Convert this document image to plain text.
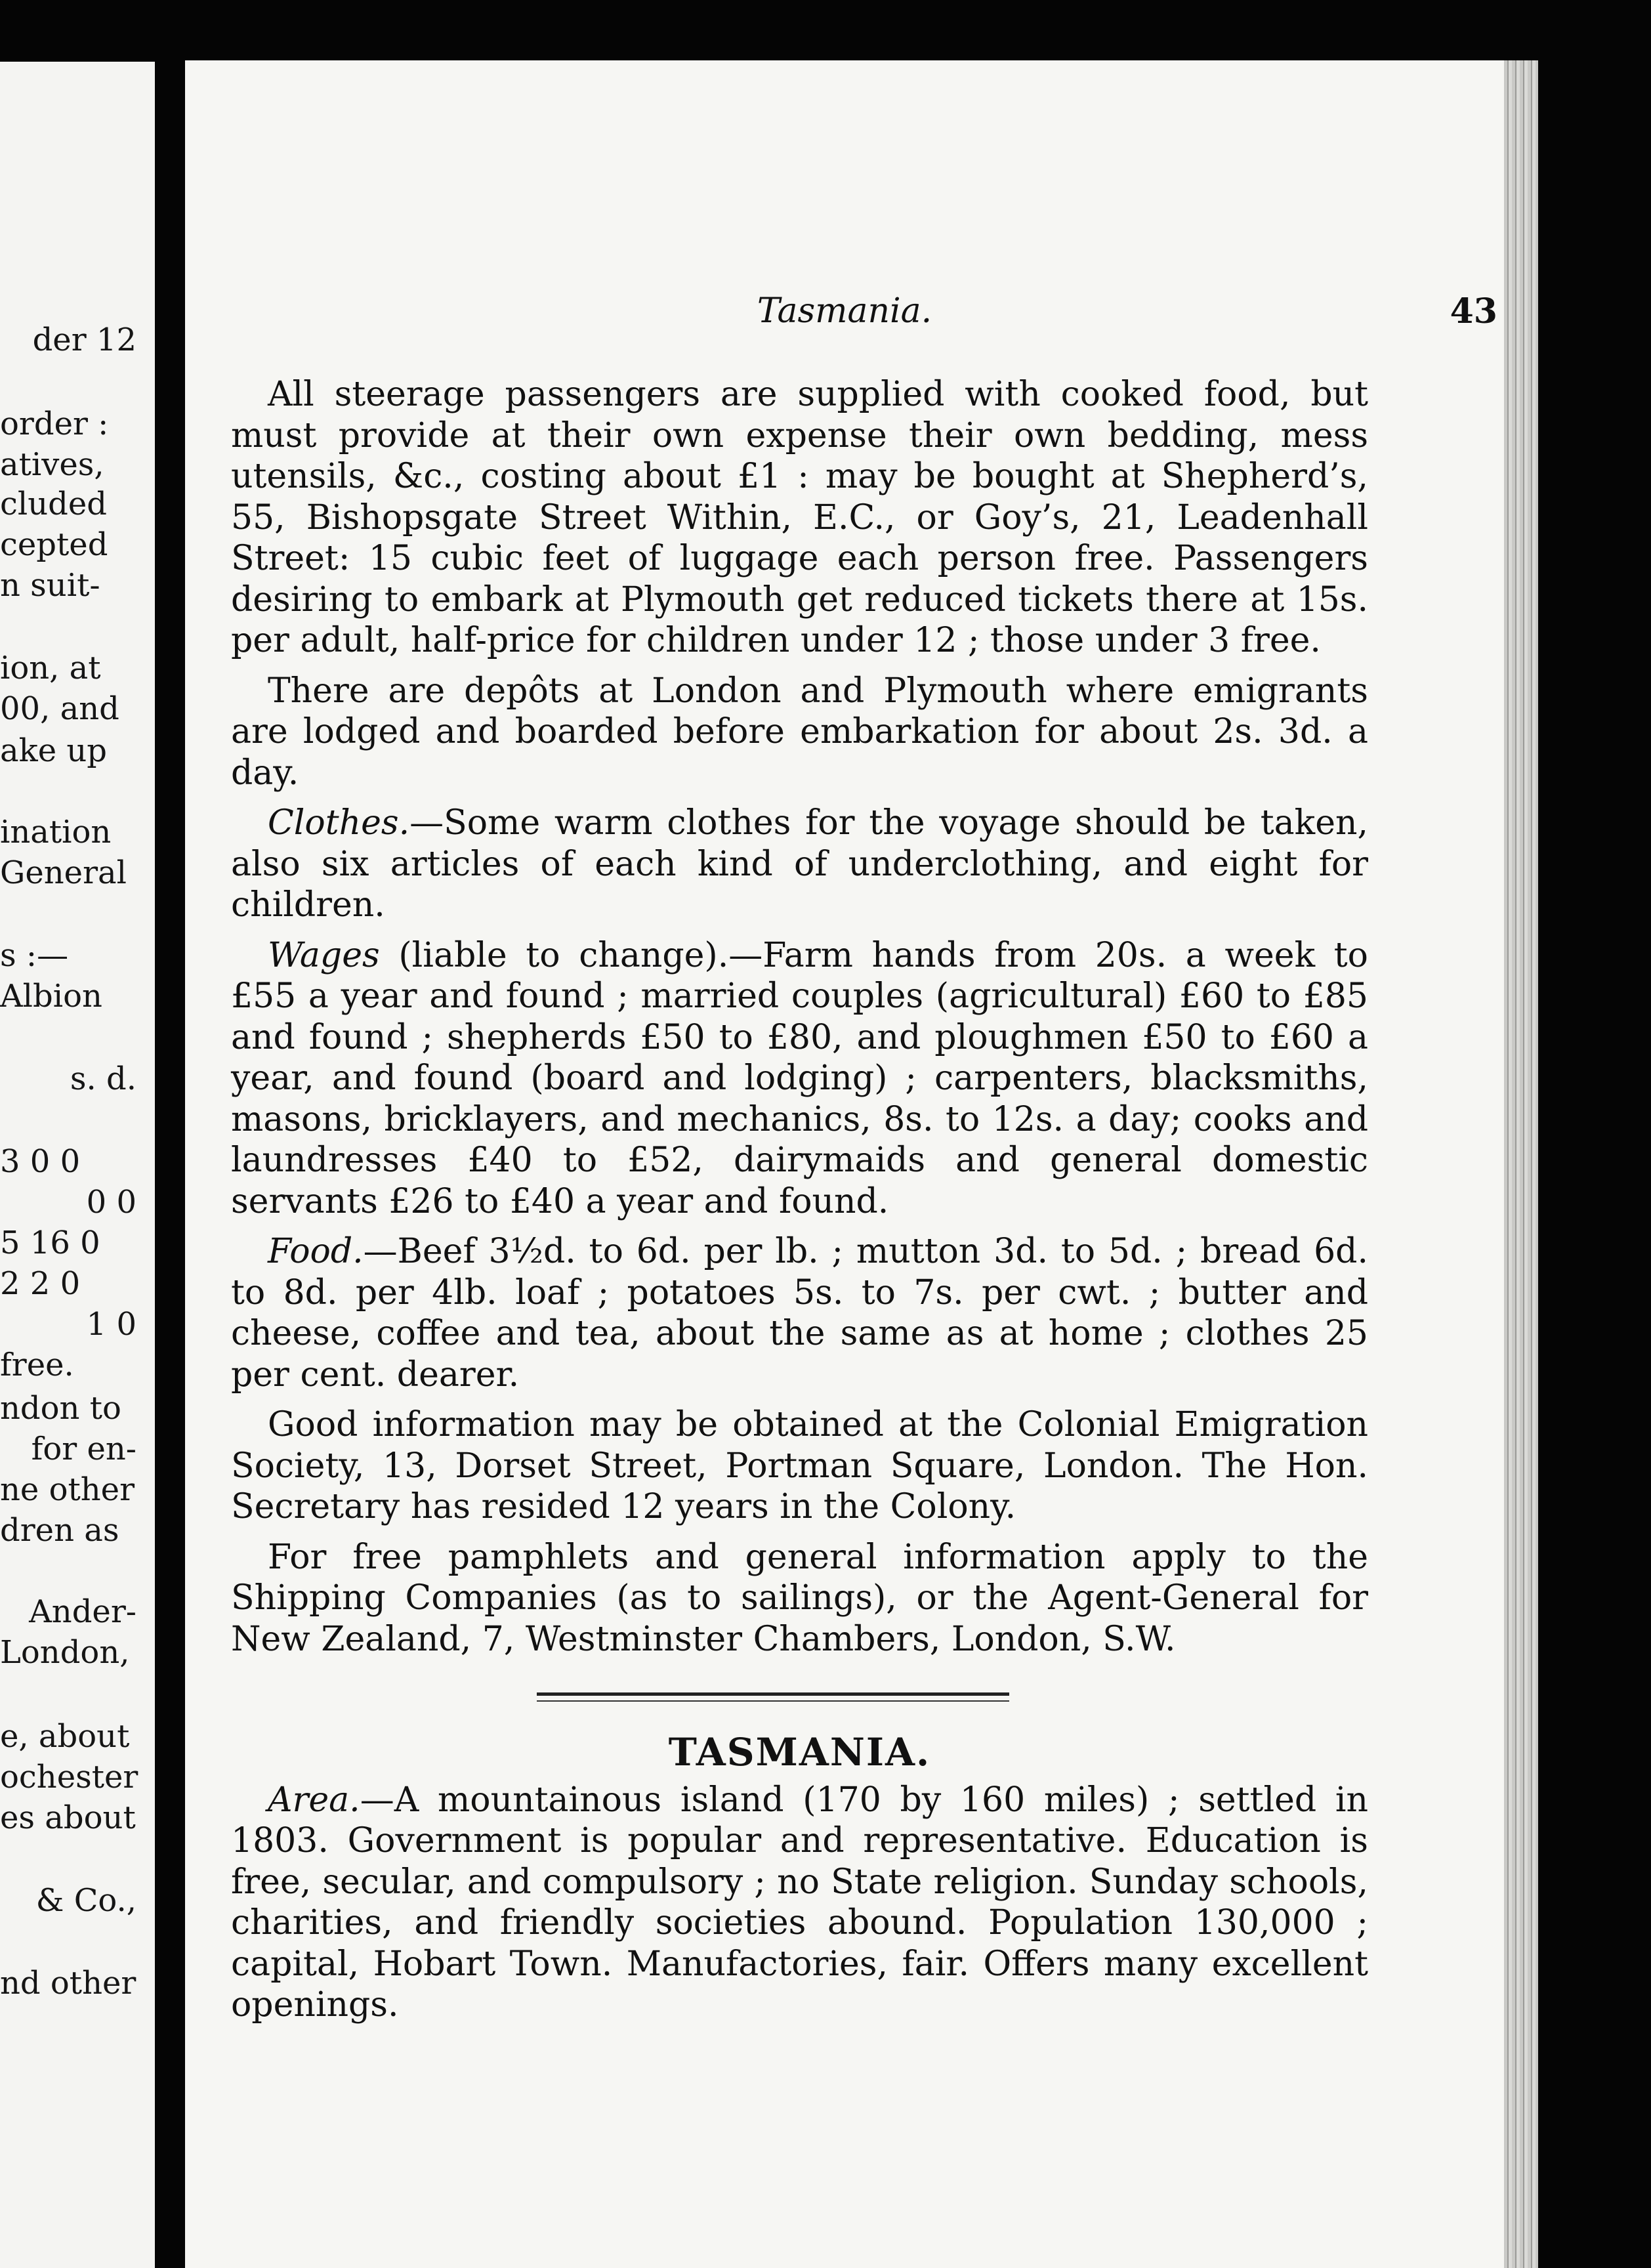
der 12
order :
atives,
cluded
cepted
n suit-
ion, at
00, and
ake up
ination
General
s :—
Albion
s. d.
3 0 0
0 0
5 16 0
2 2 0
1 0
free.
ndon to
for en-
ne other
dren as
Ander-
London,
e, about
ochester
es about
& Co.,
nd other
Tasmania.	43

All steerage passengers are supplied with cooked food, but must provide at their own expense their own bedding, mess utensils, &c., costing about £1 : may be bought at Shepherd’s, 55, Bishopsgate Street Within, E.C., or Goy’s, 21, Leadenhall Street: 15 cubic feet of luggage each person free. Passengers desiring to embark at Plymouth get reduced tickets there at 15s. per adult, half-price for children under 12 ; those under 3 free.

There are depôts at London and Plymouth where emigrants are lodged and boarded before embarkation for about 2s. 3d. a day.

Clothes.—Some warm clothes for the voyage should be taken, also six articles of each kind of underclothing, and eight for children.

Wages (liable to change).—Farm hands from 20s. a week to £55 a year and found ; married couples (agricultural) £60 to £85 and found ; shepherds £50 to £80, and ploughmen £50 to £60 a year, and found (board and lodging) ; carpenters, blacksmiths, masons, bricklayers, and mechanics, 8s. to 12s. a day; cooks and laundresses £40 to £52, dairymaids and general domestic servants £26 to £40 a year and found.

Food.—Beef 3½d. to 6d. per lb. ; mutton 3d. to 5d. ; bread 6d. to 8d. per 4lb. loaf ; potatoes 5s. to 7s. per cwt. ; butter and cheese, coffee and tea, about the same as at home ; clothes 25 per cent. dearer.

Good information may be obtained at the Colonial Emigration Society, 13, Dorset Street, Portman Square, London. The Hon. Secretary has resided 12 years in the Colony.

For free pamphlets and general information apply to the Shipping Companies (as to sailings), or the Agent-General for New Zealand, 7, Westminster Chambers, London, S.W.

TASMANIA.

Area.—A mountainous island (170 by 160 miles) ; settled in 1803. Government is popular and representative. Education is free, secular, and compulsory ; no State religion. Sunday schools, charities, and friendly societies abound. Population 130,000 ; capital, Hobart Town. Manufactories, fair. Offers many excellent openings.
